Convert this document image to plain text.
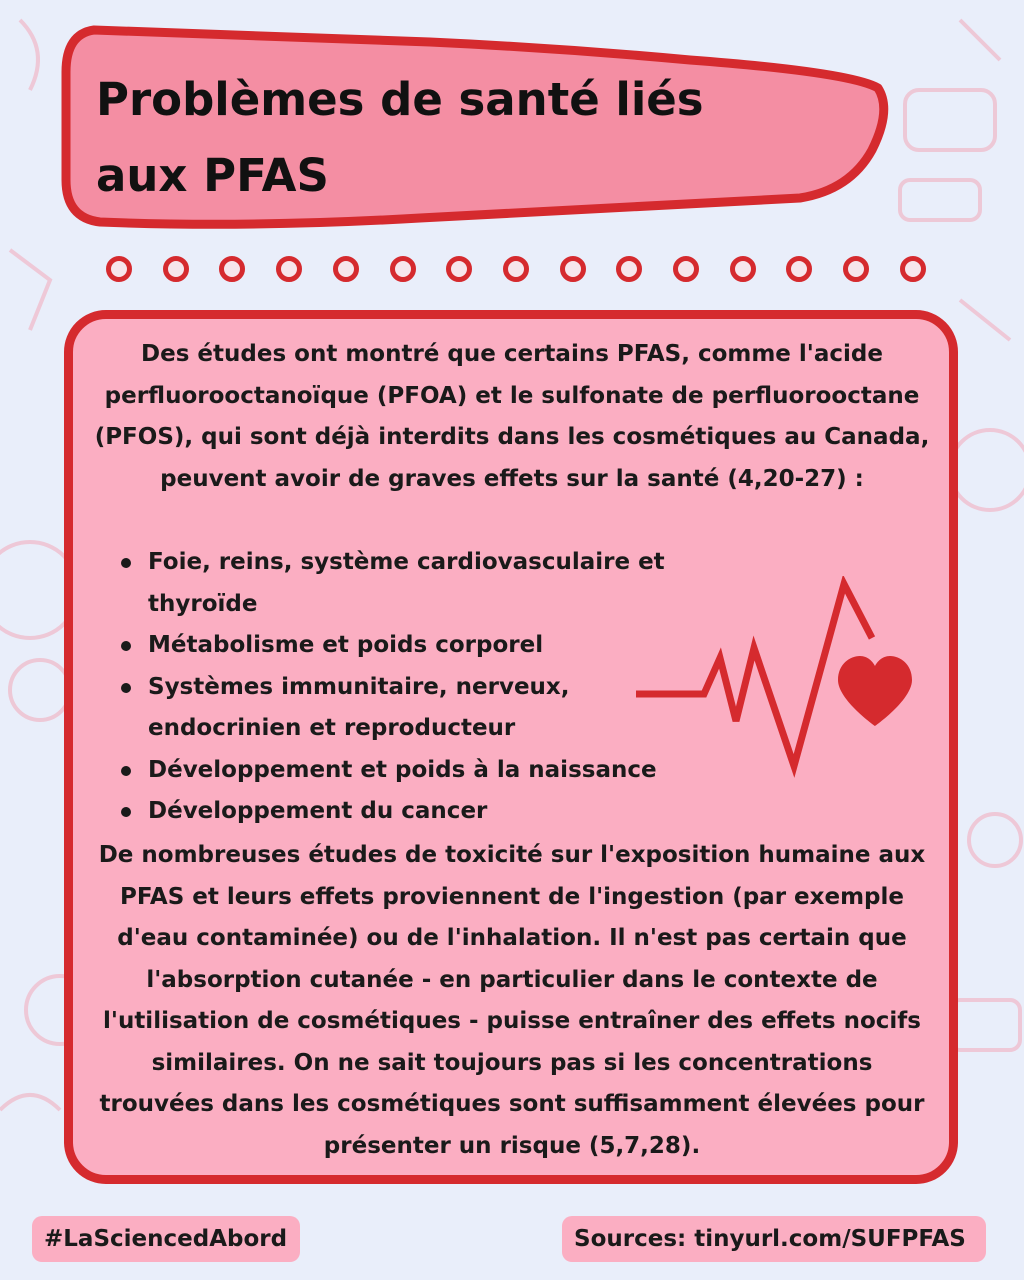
Problèmes de santé liés aux PFAS

Des études ont montré que certains PFAS, comme l'acide perfluorooctanoïque (PFOA) et le sulfonate de perfluorooctane (PFOS), qui sont déjà interdits dans les cosmétiques au Canada, peuvent avoir de graves effets sur la santé (4,20-27) :

Foie, reins, système cardiovasculaire et thyroïde
Métabolisme et poids corporel
Systèmes immunitaire, nerveux, endocrinien et reproducteur
Développement et poids à la naissance
Développement du cancer

De nombreuses études de toxicité sur l'exposition humaine aux PFAS et leurs effets proviennent de l'ingestion (par exemple d'eau contaminée) ou de l'inhalation. Il n'est pas certain que l'absorption cutanée - en particulier dans le contexte de l'utilisation de cosmétiques - puisse entraîner des effets nocifs similaires. On ne sait toujours pas si les concentrations trouvées dans les cosmétiques sont suffisamment élevées pour présenter un risque (5,7,28).

#LaSciencedAbord	Sources: tinyurl.com/SUFPFAS
